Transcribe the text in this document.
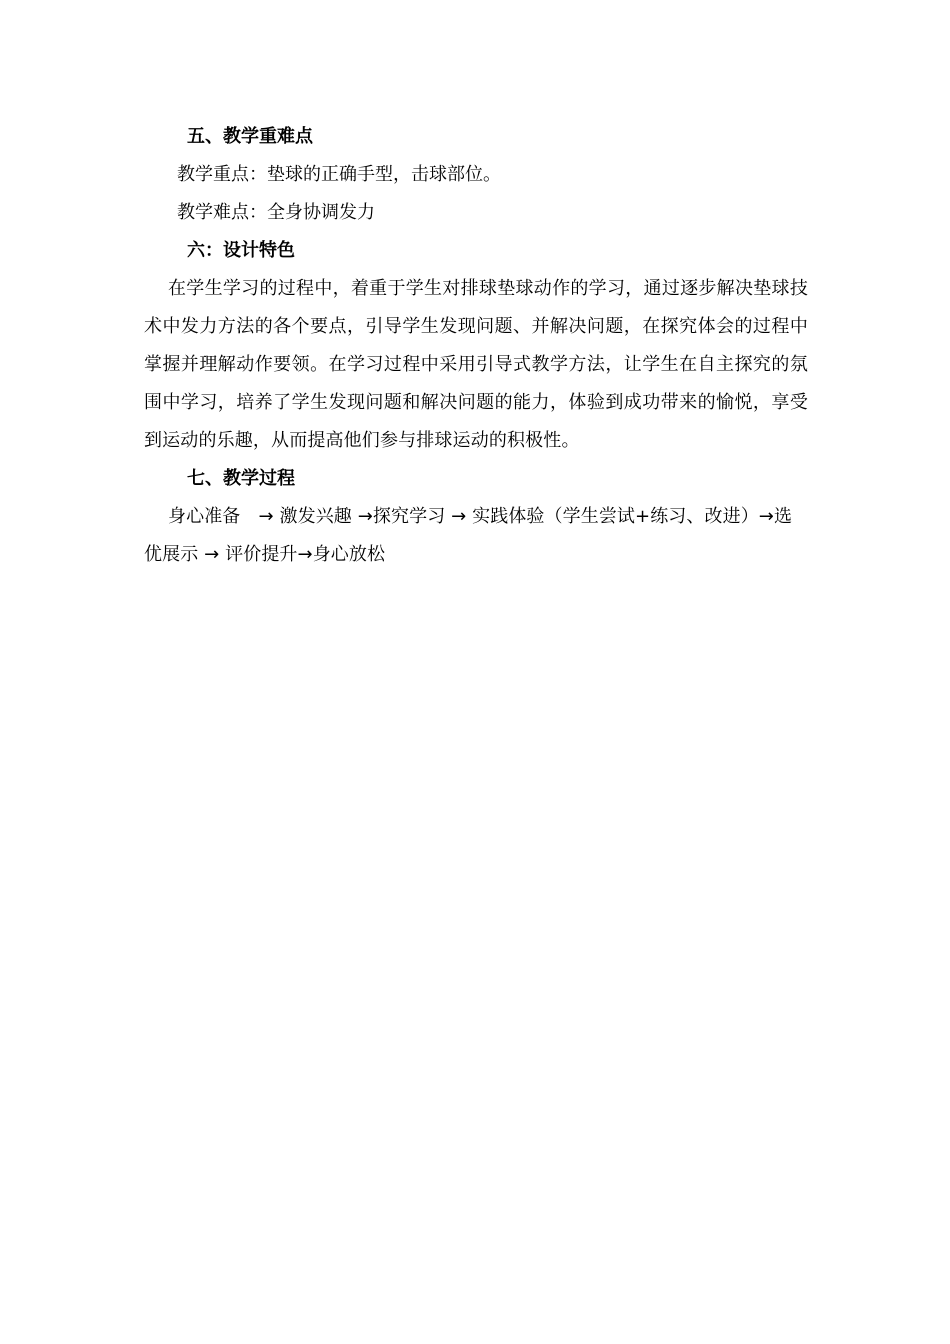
五、教学重难点

教学重点：垫球的正确手型，击球部位。

教学难点：全身协调发力

六：设计特色

在学生学习的过程中，着重于学生对排球垫球动作的学习，通过逐步解决垫球技术中发力方法的各个要点，引导学生发现问题、并解决问题，在探究体会的过程中掌握并理解动作要领。在学习过程中采用引导式教学方法，让学生在自主探究的氛围中学习，培养了学生发现问题和解决问题的能力，体验到成功带来的愉悦，享受到运动的乐趣，从而提高他们参与排球运动的积极性。

七、教学过程

身心准备　→ 激发兴趣 →探究学习 → 实践体验（学生尝试+练习、改进）→选优展示 → 评价提升→身心放松
